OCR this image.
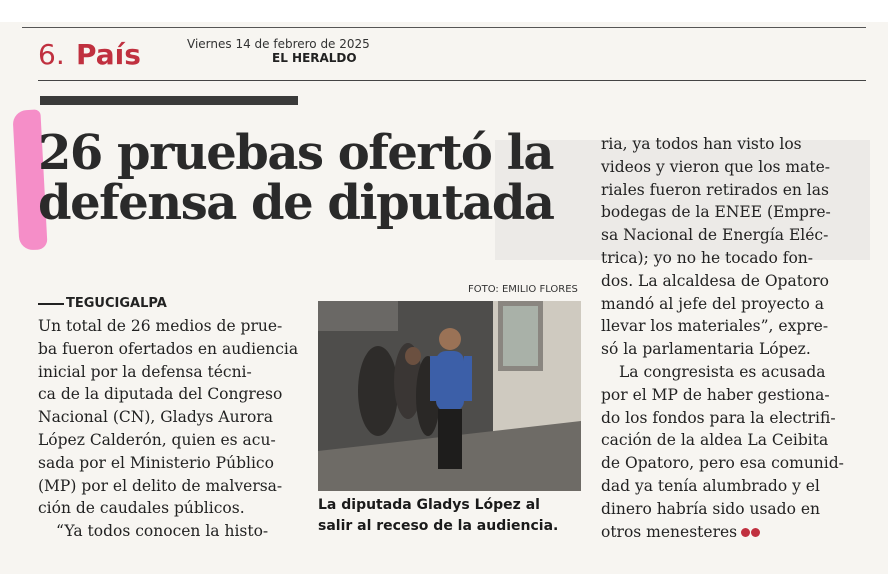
6. País	Viernes 14 de febrero de 2025
EL HERALDO
26 pruebas ofertó la
defensa de diputada
TEGUCIGALPA
Un total de 26 medios de prue-
ba fueron ofertados en audiencia
inicial por la defensa técni-
ca de la diputada del Congreso
Nacional (CN), Gladys Aurora
López Calderón, quien es acu-
sada por el Ministerio Público
(MP) por el delito de malversa-
ción de caudales públicos.
“Ya todos conocen la histo-
FOTO: EMILIO FLORES
La diputada Gladys López al
salir al receso de la audiencia.
ria, ya todos han visto los
videos y vieron que los mate-
riales fueron retirados en las
bodegas de la ENEE (Empre-
sa Nacional de Energía Eléc-
trica); yo no he tocado fon-
dos. La alcaldesa de Opatoro
mandó al jefe del proyecto a
llevar los materiales”, expre-
só la parlamentaria López.
La congresista es acusada
por el MP de haber gestiona-
do los fondos para la electrifi-
cación de la aldea La Ceibita
de Opatoro, pero esa comunid-
dad ya tenía alumbrado y el
dinero habría sido usado en
otros menesteres
